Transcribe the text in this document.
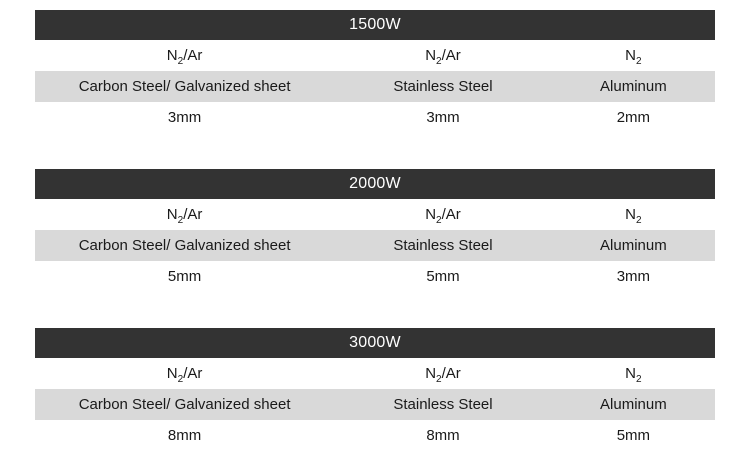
1500W
$N_2/Ar$	$N_2/Ar$	$N_2$
Carbon Steel/ Galvanized sheet	Stainless Steel	Aluminum
3mm	3mm	2mm
2000W
$N_2/Ar$	$N_2/Ar$	$N_2$
Carbon Steel/ Galvanized sheet	Stainless Steel	Aluminum
5mm	5mm	3mm
3000W
$N_2/Ar$	$N_2/Ar$	$N_2$
Carbon Steel/ Galvanized sheet	Stainless Steel	Aluminum
8mm	8mm	5mm
